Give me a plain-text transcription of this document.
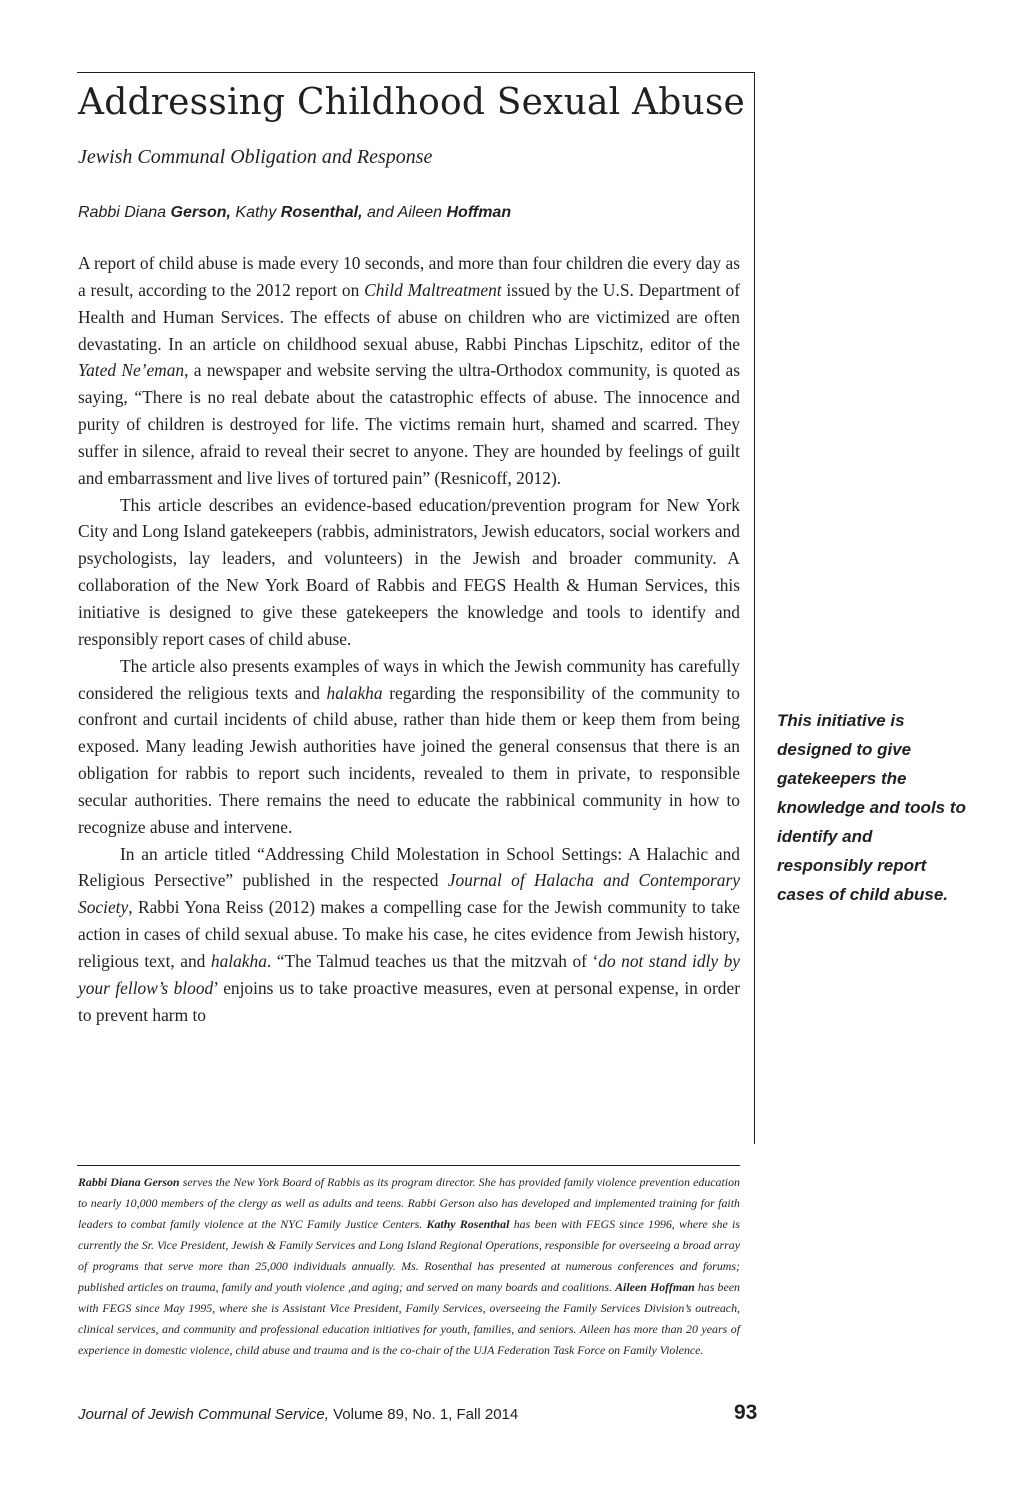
Addressing Childhood Sexual Abuse
Jewish Communal Obligation and Response
Rabbi Diana Gerson, Kathy Rosenthal, and Aileen Hoffman

A report of child abuse is made every 10 seconds, and more than four children die every day as a result, according to the 2012 report on Child Maltreatment issued by the U.S. Department of Health and Human Services. The effects of abuse on children who are victimized are often devastating. In an article on childhood sexual abuse, Rabbi Pinchas Lipschitz, editor of the Yated Ne’eman, a newspaper and website serving the ultra-Orthodox community, is quoted as saying, “There is no real debate about the catastrophic effects of abuse. The innocence and purity of children is destroyed for life. The victims remain hurt, shamed and scarred. They suffer in silence, afraid to reveal their secret to anyone. They are hounded by feelings of guilt and embarrassment and live lives of tortured pain” (Resnicoff, 2012).

This article describes an evidence-based education/prevention program for New York City and Long Island gatekeepers (rabbis, administrators, Jewish educators, social workers and psychologists, lay leaders, and volunteers) in the Jewish and broader community. A collaboration of the New York Board of Rabbis and FEGS Health & Human Services, this initiative is designed to give these gatekeepers the knowledge and tools to identify and responsibly report cases of child abuse.

The article also presents examples of ways in which the Jewish community has carefully considered the religious texts and halakha regarding the responsibility of the community to confront and curtail incidents of child abuse, rather than hide them or keep them from being exposed. Many leading Jewish authorities have joined the general consensus that there is an obligation for rabbis to report such incidents, revealed to them in private, to responsible secular authorities. There remains the need to educate the rabbinical community in how to recognize abuse and intervene.

In an article titled “Addressing Child Molestation in School Settings: A Halachic and Religious Persective” published in the respected Journal of Halacha and Contemporary Society, Rabbi Yona Reiss (2012) makes a compelling case for the Jewish community to take action in cases of child sexual abuse. To make his case, he cites evidence from Jewish history, religious text, and halakha. “The Talmud teaches us that the mitzvah of ‘do not stand idly by your fellow’s blood’ enjoins us to take proactive measures, even at personal expense, in order to prevent harm to

This initiative is designed to give gatekeepers the knowledge and tools to identify and responsibly report cases of child abuse.
Rabbi Diana Gerson serves the New York Board of Rabbis as its program director. She has provided family violence prevention education to nearly 10,000 members of the clergy as well as adults and teens. Rabbi Gerson also has developed and implemented training for faith leaders to combat family violence at the NYC Family Justice Centers. Kathy Rosenthal has been with FEGS since 1996, where she is currently the Sr. Vice President, Jewish & Family Services and Long Island Regional Operations, responsible for overseeing a broad array of programs that serve more than 25,000 individuals annually. Ms. Rosenthal has presented at numerous conferences and forums; published articles on trauma, family and youth violence ,and aging; and served on many boards and coalitions. Aileen Hoffman has been with FEGS since May 1995, where she is Assistant Vice President, Family Services, overseeing the Family Services Division’s outreach, clinical services, and community and professional education initiatives for youth, families, and seniors. Aileen has more than 20 years of experience in domestic violence, child abuse and trauma and is the co-chair of the UJA Federation Task Force on Family Violence.
Journal of Jewish Communal Service, Volume 89, No. 1, Fall 2014	93
